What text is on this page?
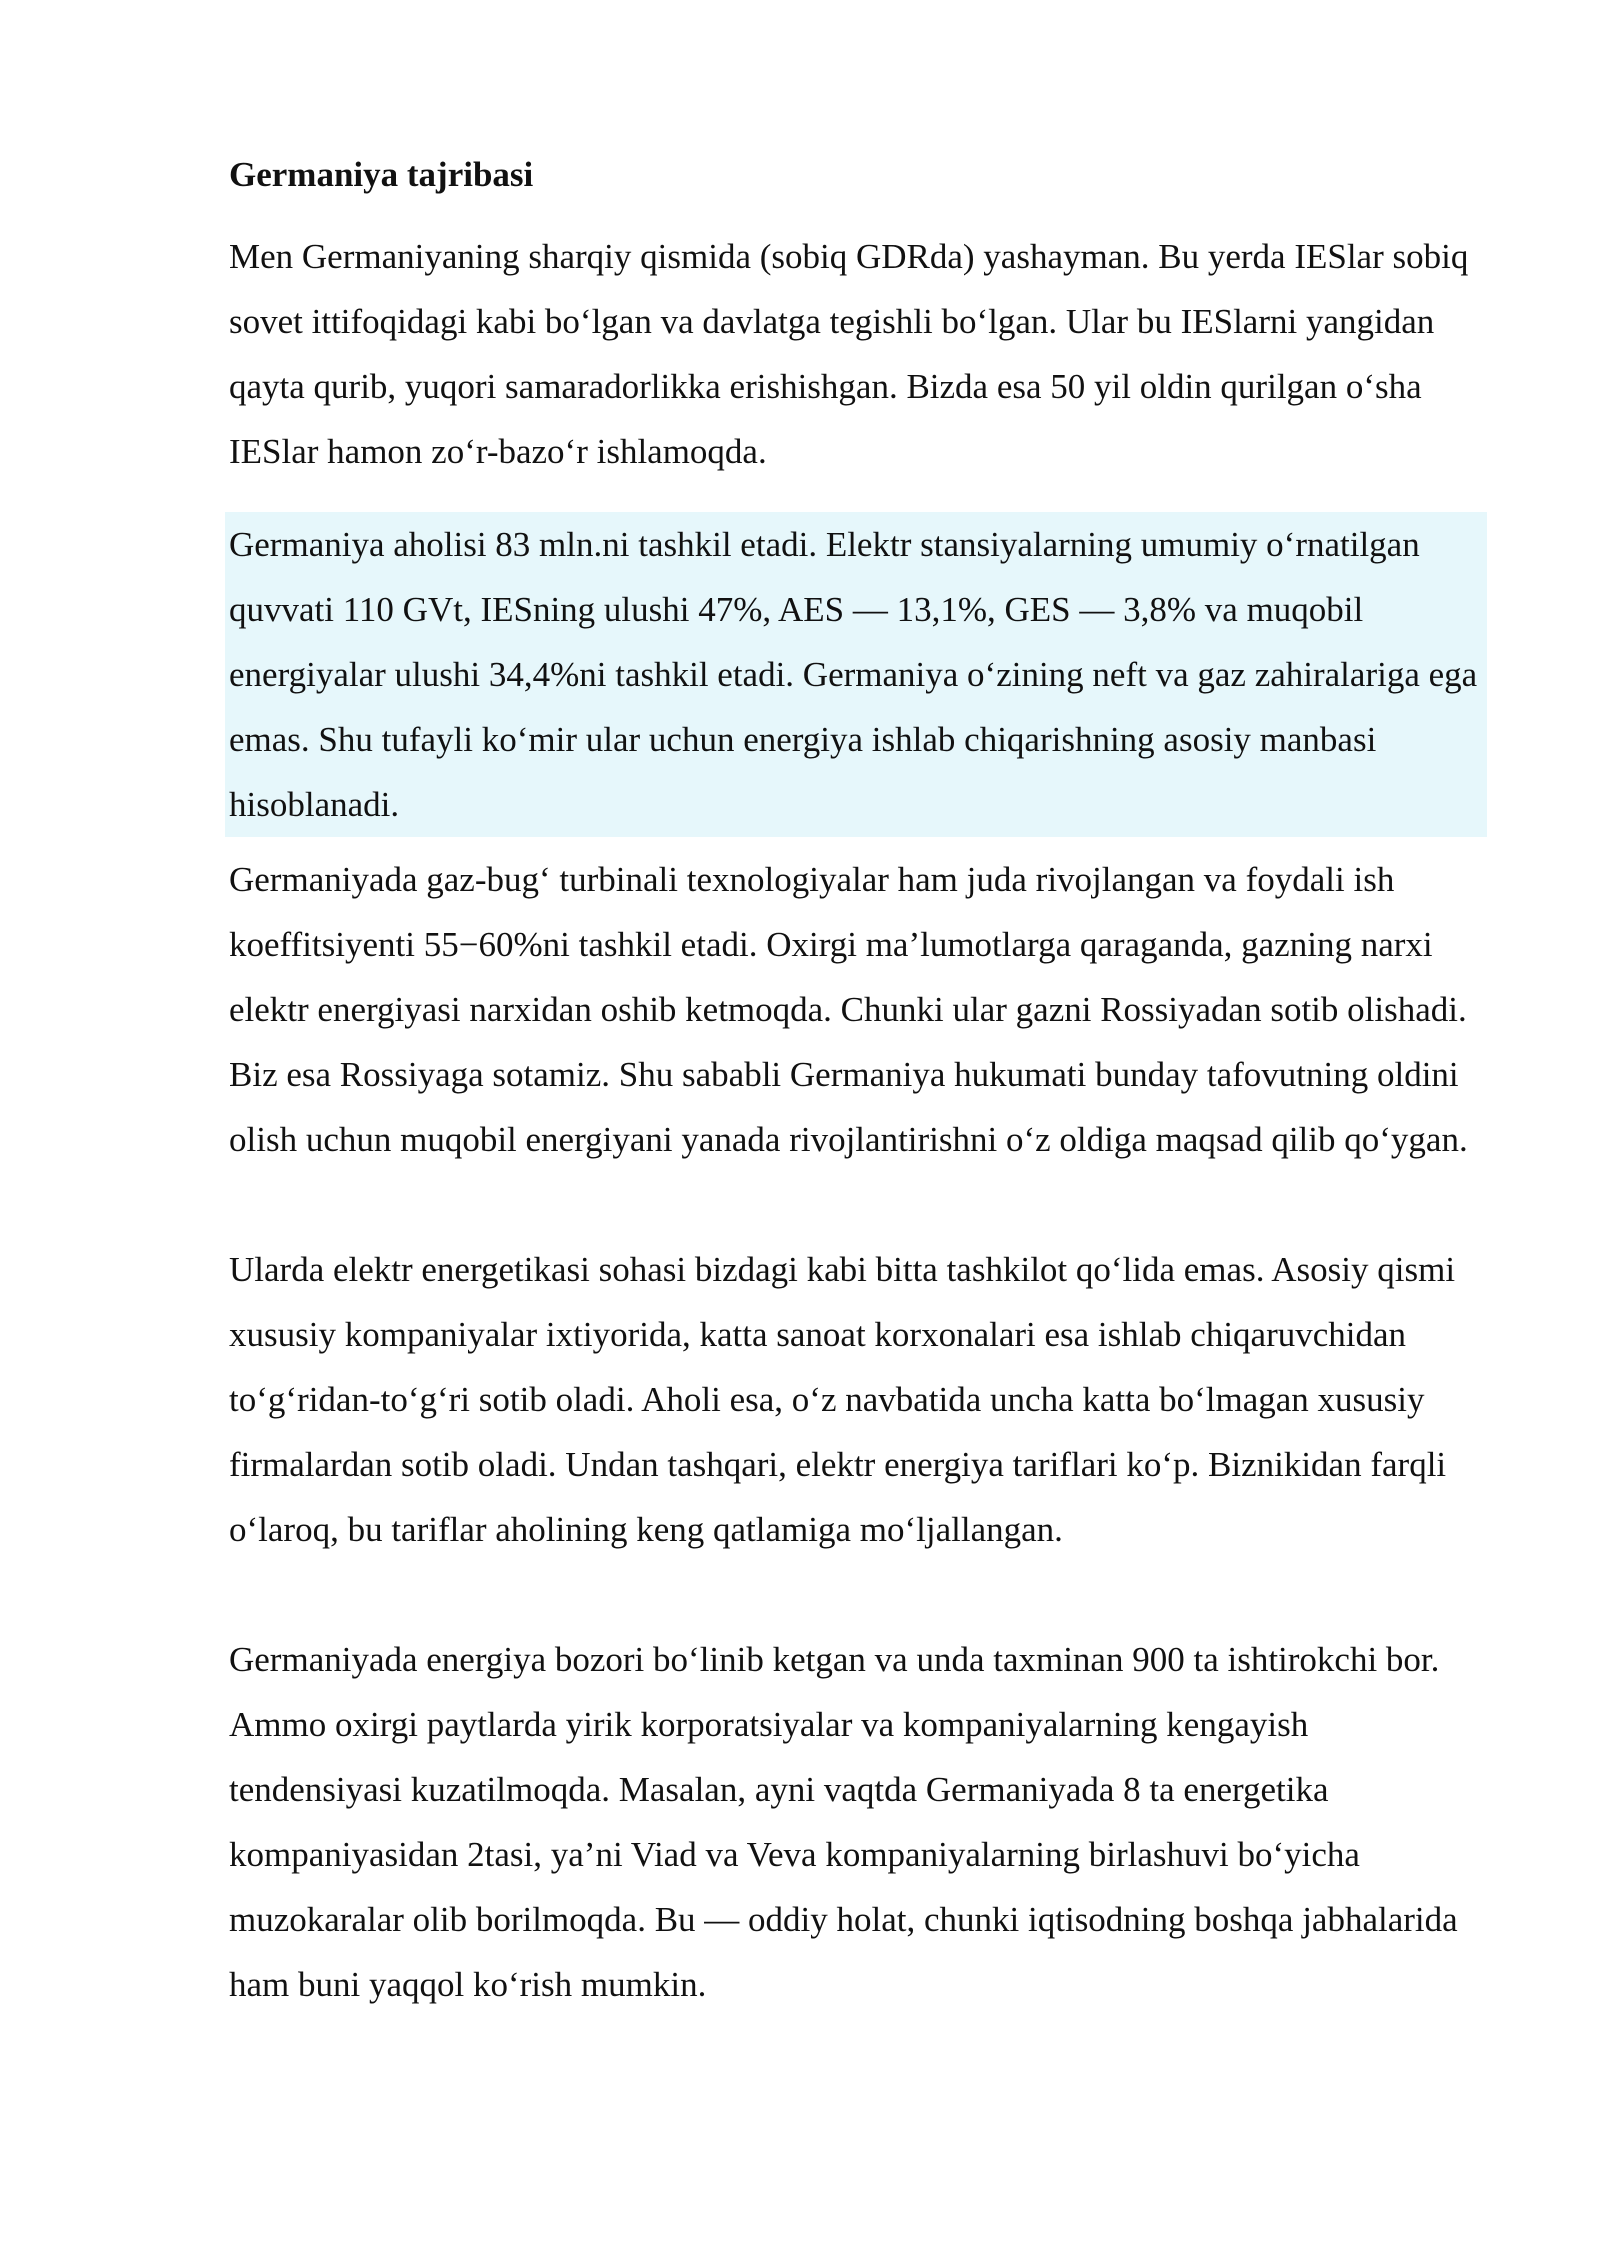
Germaniya tajribasi

Men Germaniyaning sharqiy qismida (sobiq GDRda) yashayman. Bu yerda IESlar sobiq sovet ittifoqidagi kabi bo‘lgan va davlatga tegishli bo‘lgan. Ular bu IESlarni yangidan qayta qurib, yuqori samaradorlikka erishishgan. Bizda esa 50 yil oldin qurilgan o‘sha IESlar hamon zo‘r-bazo‘r ishlamoqda.

Germaniya aholisi 83 mln.ni tashkil etadi. Elektr stansiyalarning umumiy o‘rnatilgan quvvati 110 GVt, IESning ulushi 47%, AES — 13,1%, GES — 3,8% va muqobil energiyalar ulushi 34,4%ni tashkil etadi. Germaniya o‘zining neft va gaz zahiralariga ega emas. Shu tufayli ko‘mir ular uchun energiya ishlab chiqarishning asosiy manbasi hisoblanadi.

Germaniyada gaz-bug‘ turbinali texnologiyalar ham juda rivojlangan va foydali ish koeffitsiyenti 55−60%ni tashkil etadi. Oxirgi ma’lumotlarga qaraganda, gazning narxi elektr energiyasi narxidan oshib ketmoqda. Chunki ular gazni Rossiyadan sotib olishadi. Biz esa Rossiyaga sotamiz. Shu sababli Germaniya hukumati bunday tafovutning oldini olish uchun muqobil energiyani yanada rivojlantirishni o‘z oldiga maqsad qilib qo‘ygan.

Ularda elektr energetikasi sohasi bizdagi kabi bitta tashkilot qo‘lida emas. Asosiy qismi xususiy kompaniyalar ixtiyorida, katta sanoat korxonalari esa ishlab chiqaruvchidan to‘g‘ridan-to‘g‘ri sotib oladi. Aholi esa, o‘z navbatida uncha katta bo‘lmagan xususiy firmalardan sotib oladi. Undan tashqari, elektr energiya tariflari ko‘p. Biznikidan farqli o‘laroq, bu tariflar aholining keng qatlamiga mo‘ljallangan.

Germaniyada energiya bozori bo‘linib ketgan va unda taxminan 900 ta ishtirokchi bor. Ammo oxirgi paytlarda yirik korporatsiyalar va kompaniyalarning kengayish tendensiyasi kuzatilmoqda. Masalan, ayni vaqtda Germaniyada 8 ta energetika kompaniyasidan 2tasi, ya’ni Viad va Veva kompaniyalarning birlashuvi bo‘yicha muzokaralar olib borilmoqda. Bu — oddiy holat, chunki iqtisodning boshqa jabhalarida ham buni yaqqol ko‘rish mumkin.
